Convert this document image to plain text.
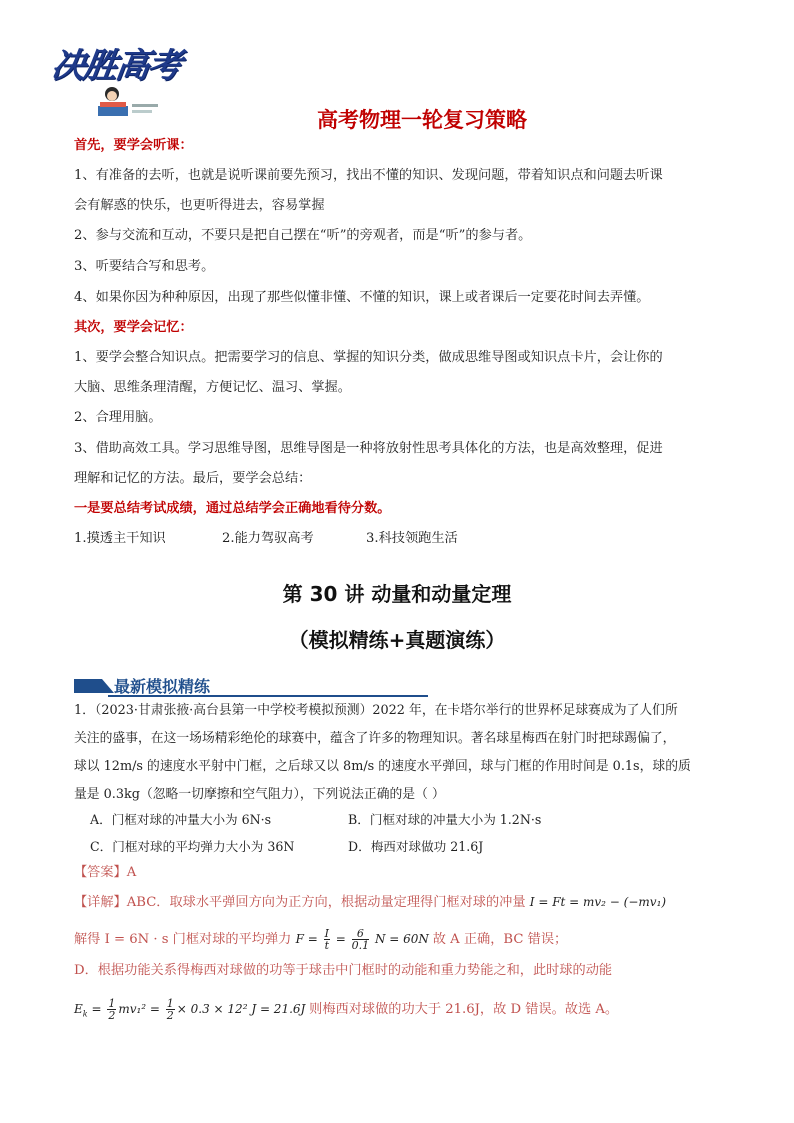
决胜高考
高考物理一轮复习策略
首先，要学会听课：
1、有准备的去听，也就是说听课前要先预习，找出不懂的知识、发现问题，带着知识点和问题去听课
会有解惑的快乐，也更听得进去，容易掌握
2、参与交流和互动，不要只是把自己摆在“听”的旁观者，而是“听”的参与者。
3、听要结合写和思考。
4、如果你因为种种原因，出现了那些似懂非懂、不懂的知识，课上或者课后一定要花时间去弄懂。
其次，要学会记忆：
1、要学会整合知识点。把需要学习的信息、掌握的知识分类，做成思维导图或知识点卡片，会让你的
大脑、思维条理清醒，方便记忆、温习、掌握。
2、合理用脑。
3、借助高效工具。学习思维导图，思维导图是一种将放射性思考具体化的方法，也是高效整理，促进
理解和记忆的方法。最后，要学会总结：
一是要总结考试成绩，通过总结学会正确地看待分数。
1.摸透主干知识	2.能力驾驭高考	3.科技领跑生活
第 30 讲 动量和动量定理
（模拟精练+真题演练）
最新模拟精练
1．（2023·甘肃张掖·高台县第一中学校考模拟预测）2022 年，在卡塔尔举行的世界杯足球赛成为了人们所
关注的盛事，在这一场场精彩绝伦的球赛中，蕴含了许多的物理知识。著名球星梅西在射门时把球踢偏了，
球以 12m/s 的速度水平射中门框，之后球又以 8m/s 的速度水平弹回，球与门框的作用时间是 0.1s，球的质
量是 0.3kg（忽略一切摩擦和空气阻力），下列说法正确的是（ ）
A．门框对球的冲量大小为 6N·s	B．门框对球的冲量大小为 1.2N·s
C．门框对球的平均弹力大小为 36N	D．梅西对球做功 21.6J
【答案】A
【详解】ABC．取球水平弹回方向为正方向，根据动量定理得门框对球的冲量 I = Ft = mv₂ − (−mv₁)
解得 I = 6N · s 门框对球的平均弹力 $F = \frac{I}{t} = \frac{6}{0.1}$ N = 60N 故 A 正确，BC 错误；
D．根据功能关系得梅西对球做的功等于球击中门框时的动能和重力势能之和，此时球的动能
$E_k = \frac{1}{2} mv_1^2 = \frac{1}{2} \times 0.3 \times 12^2$ J = 21.6J 则梅西对球做的功大于 21.6J，故 D 错误。故选 A。
